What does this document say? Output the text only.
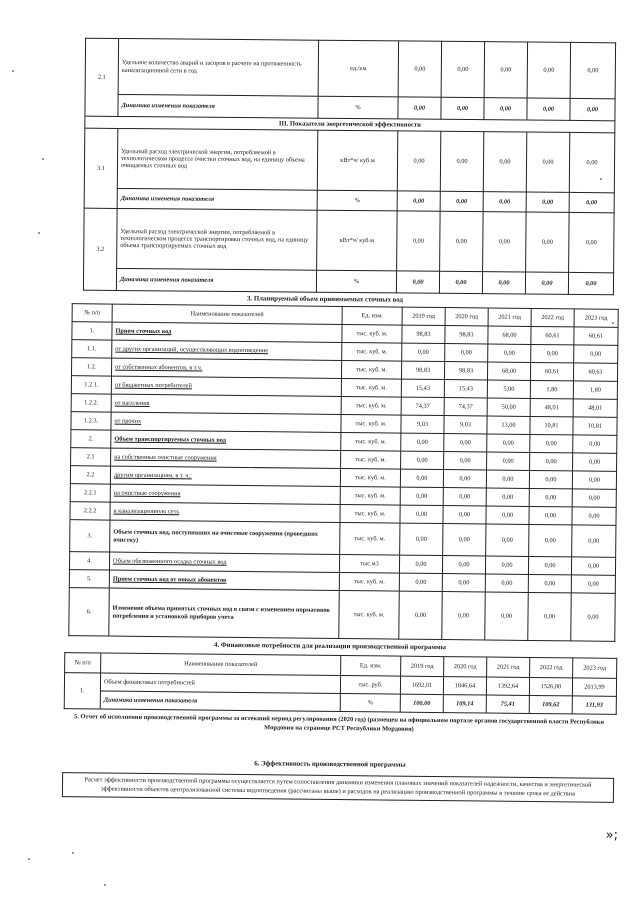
2.1	Удельное количество аварий и засоров в расчете на протяженность канализационной сети в год	ед./км	0,00	0,00	0,00	0,00	0,00
	Динамика изменения показателя	%	0,00	0,00	0,00	0,00	0,00
III. Показатели энергетической эффективности							
3.1	Удельный расход электрической энергии, потребляемой в технологическом процессе очистки сточных вод, на единицу объема очищаемых сточных вод	кВт*ч/ куб.м	0,00	0,00	0,00	0,00	0,00
	Динамика изменения показателя	%	0,00	0,00	0,00	0,00	0,00
3.2	Удельный расход электрической энергии, потребляемой в технологическом процессе транспортировки сточных вод, на единицу объема транспортируемых сточных вод	кВт*ч/ куб.м	0,00	0,00	0,00	0,00	0,00
	Динамика изменения показателя	%	0,00	0,00	0,00	0,00	0,00
3. Планируемый объем принимаемых сточных вод
№ п/п	Наименование показателей	Ед. изм.	2019 год	2020 год	2021 год	2022 год	2023 год
1.	Прием сточных вод	тыс. куб. м.	98,83	98,83	68,00	60,61	60,61
1.1.	от других организаций, осуществляющих водоотведение	тыс. куб. м.	0,00	0,00	0,00	0,00	0,00
1.2.	от собственных абонентов, в т.ч.	тыс. куб. м.	98,83	98,83	68,00	60,61	60,61
1.2.1.	от бюджетных потребителей	тыс. куб. м.	15,43	15,43	5,00	1,80	1,80
1.2.2.	от населения	тыс. куб. м.	74,37	74,37	50,00	48,01	48,01
1.2.3.	от прочих	тыс. куб. м.	9,03	9,03	13,00	10,81	10,81
2.	Объем транспортируемых сточных вод	тыс. куб. м.	0,00	0,00	0,00	0,00	0,00
2.1	на собственные очистные сооружения	тыс. куб. м.	0,00	0,00	0,00	0,00	0,00
2.2	другим организациям, в т. ч.:	тыс. куб. м.	0,00	0,00	0,00	0,00	0,00
2.2.1	на очистные сооружения	тыс. куб. м.	0,00	0,00	0,00	0,00	0,00
2.2.2	в канализационную сеть	тыс. куб. м.	0,00	0,00	0,00	0,00	0,00
3.	Объем сточных вод, поступивших на очистные сооружения (проведших очистку)	тыс. куб. м.	0,00	0,00	0,00	0,00	0,00
4.	Объем обезвоженного осадка сточных вод	тыс.м3	0,00	0,00	0,00	0,00	0,00
5.	Прием сточных вод от новых абонентов	тыс. куб. м.	0,00	0,00	0,00	0,00	0,00
6.	Изменение объема принятых сточных вод в связи с изменением нормативов потребления и установкой приборов учета	тыс. куб. м.	0,00	0,00	0,00	0,00	0,00
4. Финансовые потребности для реализации производственной программы
№ п/п	Наименование показателей	Ед. изм.	2019 год	2020 год	2021 год	2022 год	2023 год
1.	Объем финансовых потребностей	тыс. руб.	1692,01	1846,64	1392,64	1526,00	2013,99
	Динамика изменения показателя	%	100,00	109,14	75,41	109,62	131,93
5. Отчет об исполнении производственной программы за истекший период регулирования (2020 год) (размещен на официальном портале органов государственной власти Республики Мордовия на странице РСТ Республики Мордовия)
6. Эффективность производственной программы
Расчет эффективности производственной программы осуществляется путем сопоставления динамики изменения плановых значений показателей надежности, качества и энергетической эффективности объектов централизованной системы водоотведения (рассчитаны выше) и расходов на реализацию производственной программы в течение срока ее действия
»;
